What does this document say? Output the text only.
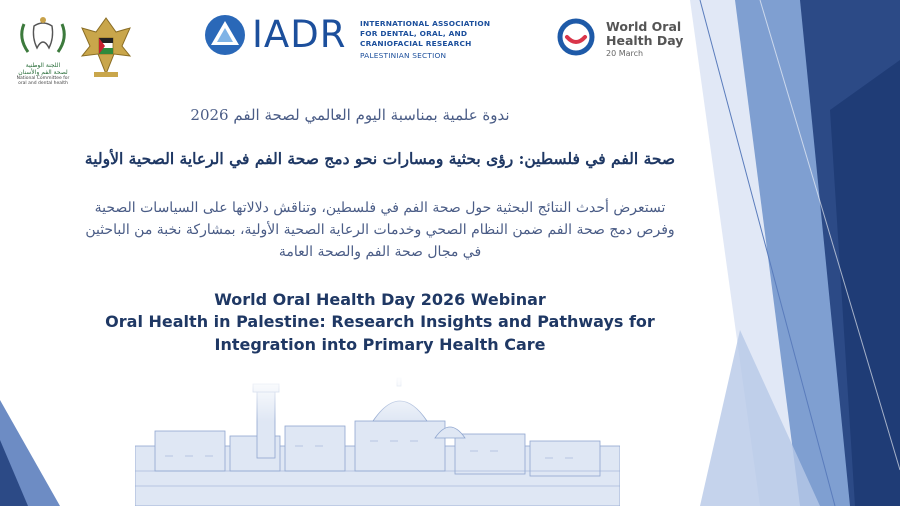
اللجنة الوطنية
لصحة الفم والأسنان
National Committee for
oral and dental health
IADR INTERNATIONAL ASSOCIATION
FOR DENTAL, ORAL, AND
CRANIOFACIAL RESEARCH
PALESTINIAN SECTION
World Oral
Health Day
20 March
ندوة علمية بمناسبة اليوم العالمي لصحة الفم 2026
صحة الفم في فلسطين: رؤى بحثية ومسارات نحو دمج صحة الفم في الرعاية الصحية الأولية
تستعرض أحدث النتائج البحثية حول صحة الفم في فلسطين، وتناقش دلالاتها على السياسات الصحية
وفرص دمج صحة الفم ضمن النظام الصحي وخدمات الرعاية الصحية الأولية، بمشاركة نخبة من الباحثين
في مجال صحة الفم والصحة العامة
World Oral Health Day 2026 Webinar
Oral Health in Palestine: Research Insights and Pathways for
Integration into Primary Health Care
